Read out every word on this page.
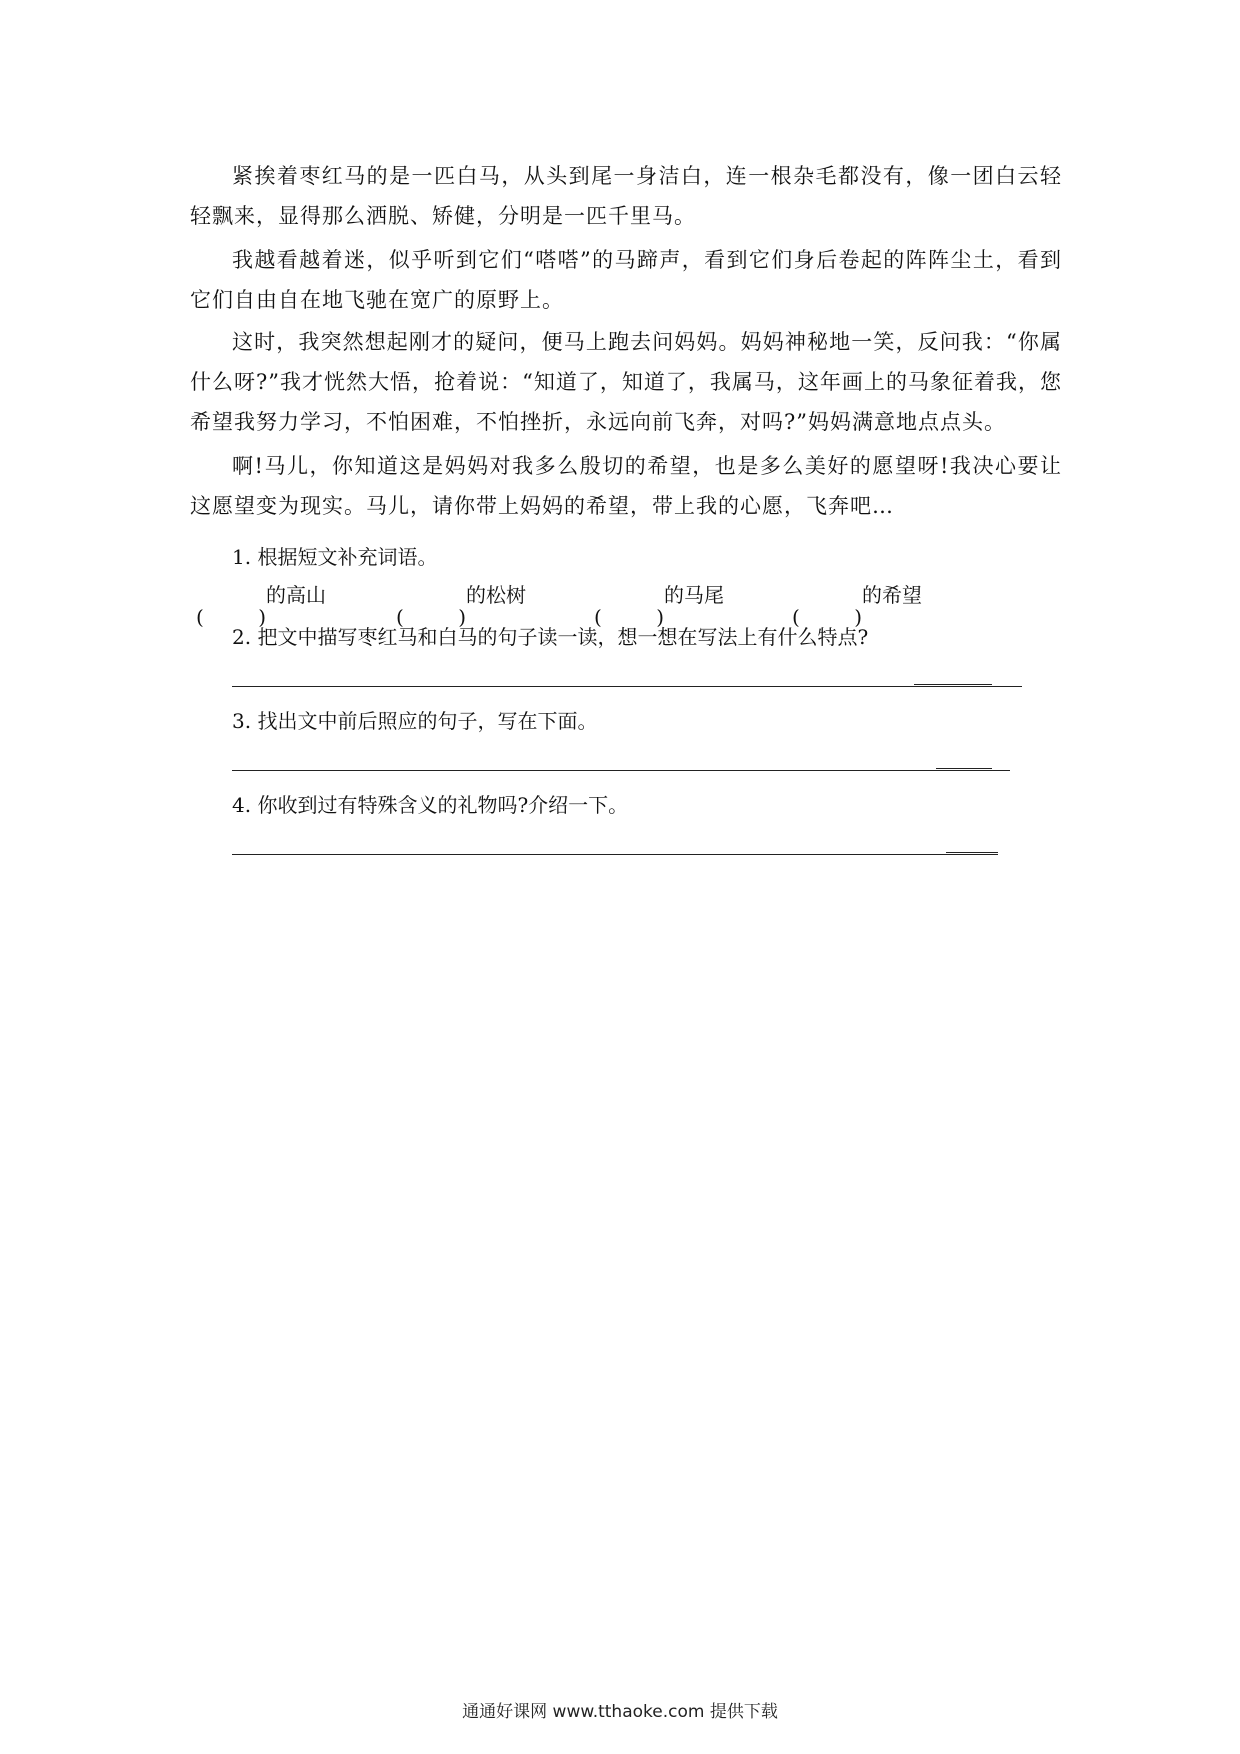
紧挨着枣红马的是一匹白马，从头到尾一身洁白，连一根杂毛都没有，像一团白云轻轻飘来，显得那么洒脱、矫健，分明是一匹千里马。

我越看越着迷，似乎听到它们“嗒嗒”的马蹄声，看到它们身后卷起的阵阵尘土，看到它们自由自在地飞驰在宽广的原野上。

这时，我突然想起刚才的疑问，便马上跑去问妈妈。妈妈神秘地一笑，反问我：“你属什么呀?”我才恍然大悟，抢着说：“知道了，知道了，我属马，这年画上的马象征着我，您希望我努力学习，不怕困难，不怕挫折，永远向前飞奔，对吗?”妈妈满意地点点头。

啊!马儿，你知道这是妈妈对我多么殷切的希望，也是多么美好的愿望呀!我决心要让这愿望变为现实。马儿，请你带上妈妈的希望，带上我的心愿，飞奔吧…

1. 根据短文补充词语。

(	)
的高山
(	)
的松树
(	)
的马尾
(	)
的希望

2. 把文中描写枣红马和白马的句子读一读，想一想在写法上有什么特点?

3. 找出文中前后照应的句子，写在下面。

4. 你收到过有特殊含义的礼物吗?介绍一下。

通通好课网 www.tthaoke.com 提供下载
